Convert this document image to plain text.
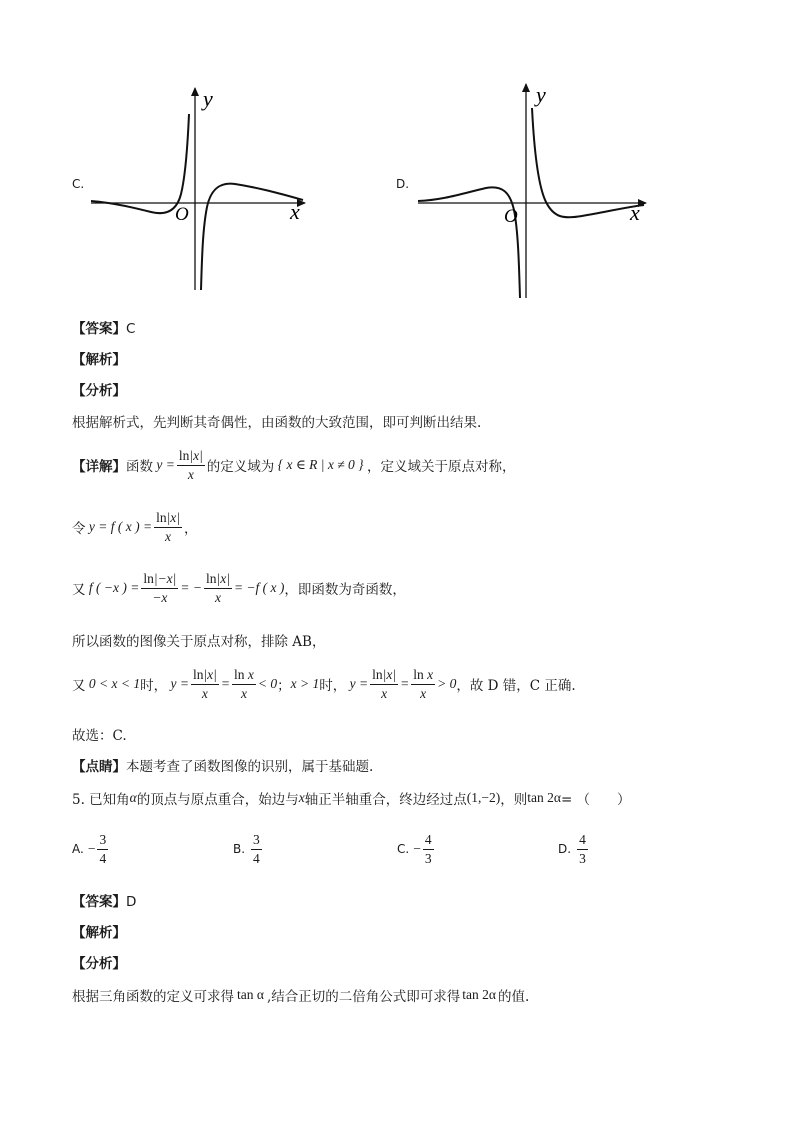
C.
y
x
O
D.
y
x
O
【答案】C
【解析】
【分析】
根据解析式，先判断其奇偶性，由函数的大致范围，即可判断出结果.
【详解】 函数 $y = \frac{\ln|x|}{x}$ 的定义域为 { x ∈ R | x ≠ 0 } ，定义域关于原点对称，
令 y = f ( x ) = $\frac{\ln|x|}{x}$ ，
又 f ( −x ) = $\frac{\ln|-x|}{-x}$ = − $\frac{\ln|x|}{x} = -f$ ( x ) ，即函数为奇函数，
所以函数的图像关于原点对称，排除 AB，
又 0 < x < 1 时， $y = \frac{\ln|x|}{x} = \frac{\text{ln x}}{x} < 0$ ； x > 1 时， $y = \frac{\ln|x|}{x} = \frac{\text{ln x}}{x} > 0$ ，故 D 错，C 正确.
故选：C.
【点睛】本题考查了函数图像的识别，属于基础题.
5. 已知角 α 的顶点与原点重合，始边与 x 轴正半轴重合，终边经过点 (1,−2) ，则 tan 2α = （　　）
A. − $\frac{3}{4}$	B. $\frac{3}{4}$	C. − $\frac{4}{3}$	D. $\frac{4}{3}$
【答案】D
【解析】
【分析】
根据三角函数的定义可求得 tan α ,结合正切的二倍角公式即可求得 tan 2α 的值.
